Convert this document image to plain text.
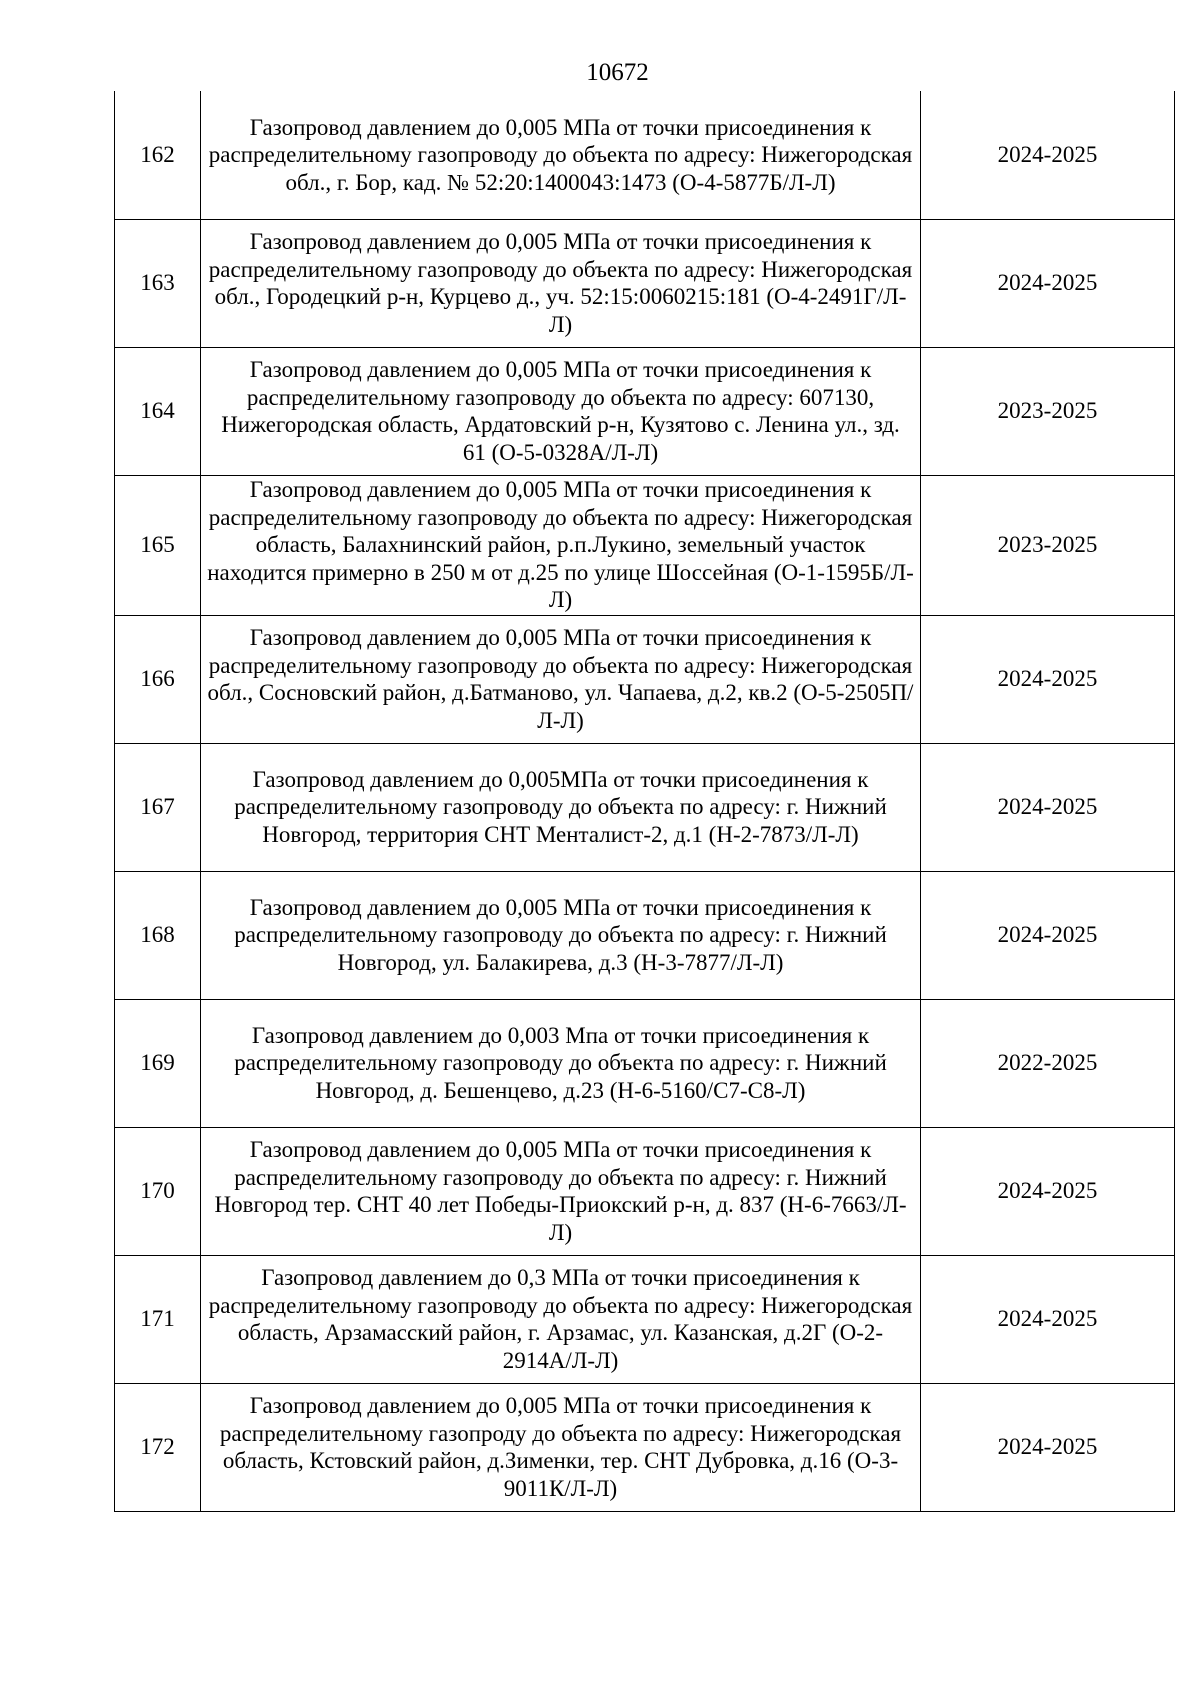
10672
162	Газопровод давлением до 0,005 МПа от точки присоединения к распределительному газопроводу до объекта по адресу: Нижегородская обл., г. Бор, кад. № 52:20:1400043:1473 (О-4-5877Б/Л-Л)	2024-2025
163	Газопровод давлением до 0,005 МПа от точки присоединения к распределительному газопроводу до объекта по адресу: Нижегородская обл., Городецкий р-н, Курцево д., уч. 52:15:0060215:181 (О-4-2491Г/Л-Л)	2024-2025
164	Газопровод давлением до 0,005 МПа от точки присоединения к распределительному газопроводу до объекта по адресу: 607130, Нижегородская область, Ардатовский р-н, Кузятово с. Ленина ул., зд. 61 (О-5-0328А/Л-Л)	2023-2025
165	Газопровод давлением до 0,005 МПа от точки присоединения к распределительному газопроводу до объекта по адресу: Нижегородская область, Балахнинский район, р.п.Лукино, земельный участок находится примерно в 250 м от д.25 по улице Шоссейная (О-1-1595Б/Л-Л)	2023-2025
166	Газопровод давлением до 0,005 МПа от точки присоединения к распределительному газопроводу до объекта по адресу: Нижегородская обл., Сосновский район, д.Батманово, ул. Чапаева, д.2, кв.2 (О-5-2505П/Л-Л)	2024-2025
167	Газопровод давлением до 0,005МПа от точки присоединения к распределительному газопроводу до объекта по адресу: г. Нижний Новгород, территория СНТ Менталист-2, д.1 (Н-2-7873/Л-Л)	2024-2025
168	Газопровод давлением до 0,005 МПа от точки присоединения к распределительному газопроводу до объекта по адресу: г. Нижний Новгород, ул. Балакирева, д.3 (Н-3-7877/Л-Л)	2024-2025
169	Газопровод давлением до 0,003 Мпа от точки присоединения к распределительному газопроводу до объекта по адресу: г. Нижний Новгород, д. Бешенцево, д.23 (Н-6-5160/С7-С8-Л)	2022-2025
170	Газопровод давлением до 0,005 МПа от точки присоединения к распределительному газопроводу до объекта по адресу: г. Нижний Новгород тер. СНТ 40 лет Победы-Приокский р-н, д. 837 (Н-6-7663/Л-Л)	2024-2025
171	Газопровод давлением до 0,3 МПа от точки присоединения к распределительному газопроводу до объекта по адресу: Нижегородская область, Арзамасский район, г. Арзамас, ул. Казанская, д.2Г (О-2-2914А/Л-Л)	2024-2025
172	Газопровод давлением до 0,005 МПа от точки присоединения к распределительному газопроду до объекта по адресу: Нижегородская область, Кстовский район, д.Зименки, тер. СНТ Дубровка, д.16 (О-3-9011К/Л-Л)	2024-2025
